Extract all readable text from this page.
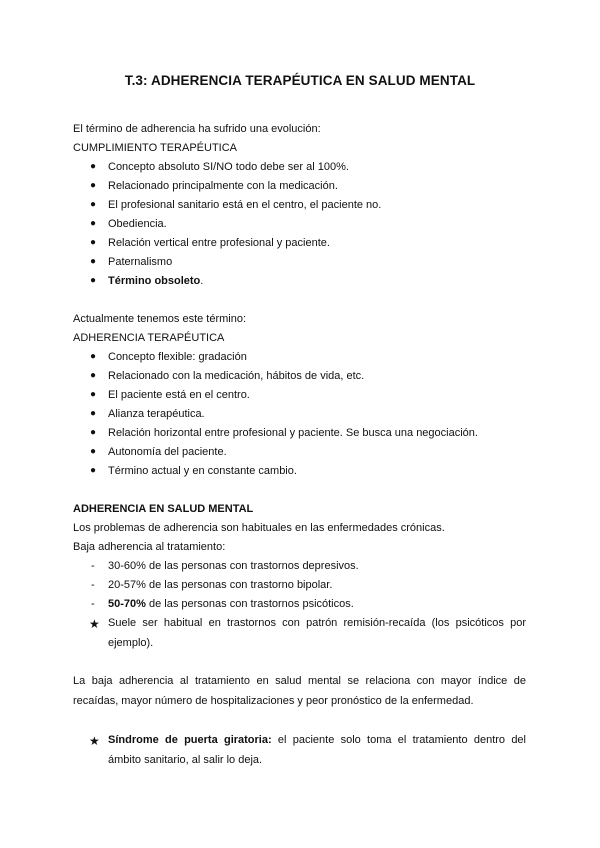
T.3: ADHERENCIA TERAPÉUTICA EN SALUD MENTAL
El término de adherencia ha sufrido una evolución:
CUMPLIMIENTO TERAPÉUTICA
● Concepto absoluto SI/NO todo debe ser al 100%.
● Relacionado principalmente con la medicación.
● El profesional sanitario está en el centro, el paciente no.
● Obediencia.
● Relación vertical entre profesional y paciente.
● Paternalismo
● Término obsoleto.
Actualmente tenemos este término:
ADHERENCIA TERAPÉUTICA
● Concepto flexible: gradación
● Relacionado con la medicación, hábitos de vida, etc.
● El paciente está en el centro.
● Alianza terapéutica.
● Relación horizontal entre profesional y paciente. Se busca una negociación.
● Autonomía del paciente.
● Término actual y en constante cambio.
ADHERENCIA EN SALUD MENTAL
Los problemas de adherencia son habituales en las enfermedades crónicas.
Baja adherencia al tratamiento:
- 30-60% de las personas con trastornos depresivos.
- 20-57% de las personas con trastorno bipolar.
- 50-70% de las personas con trastornos psicóticos.
★ Suele ser habitual en trastornos con patrón remisión-recaída (los psicóticos por ejemplo).
La baja adherencia al tratamiento en salud mental se relaciona con mayor índice de recaídas, mayor número de hospitalizaciones y peor pronóstico de la enfermedad.
★ Síndrome de puerta giratoria: el paciente solo toma el tratamiento dentro del ámbito sanitario, al salir lo deja.
